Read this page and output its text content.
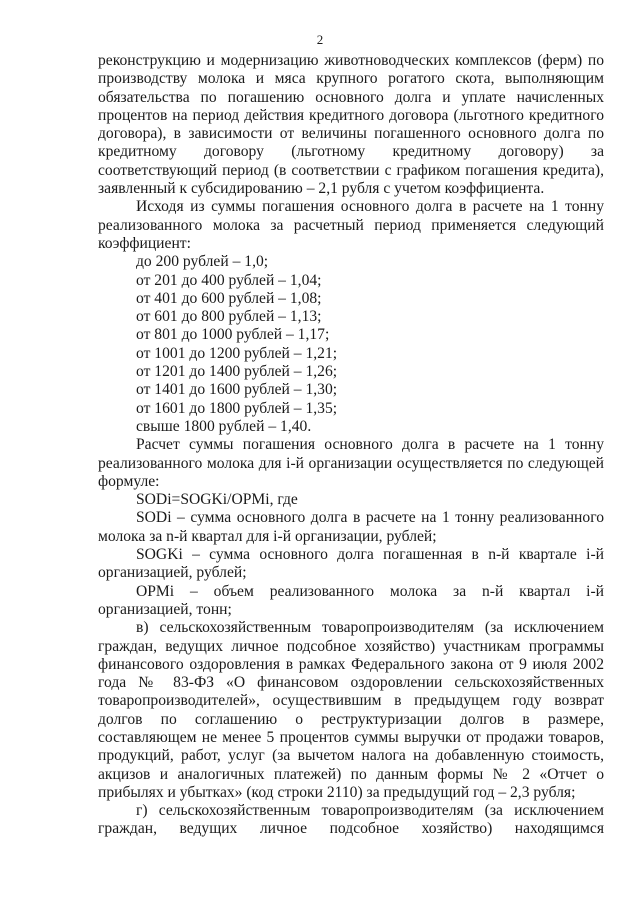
2

реконструкцию и модернизацию животноводческих комплексов (ферм) по производству молока и мяса крупного рогатого скота, выполняющим обязательства по погашению основного долга и уплате начисленных процентов на период действия кредитного договора (льготного кредитного договора), в зависимости от величины погашенного основного долга по кредитному договору (льготному кредитному договору) за соответствующий период (в соответствии с графиком погашения кредита), заявленный к субсидированию – 2,1 рубля с учетом коэффициента.

Исходя из суммы погашения основного долга в расчете на 1 тонну реализованного молока за расчетный период применяется следующий коэффициент:

до 200 рублей – 1,0;
от 201 до 400 рублей – 1,04;
от 401 до 600 рублей – 1,08;
от 601 до 800 рублей – 1,13;
от 801 до 1000 рублей – 1,17;
от 1001 до 1200 рублей – 1,21;
от 1201 до 1400 рублей – 1,26;
от 1401 до 1600 рублей – 1,30;
от 1601 до 1800 рублей – 1,35;
свыше 1800 рублей – 1,40.

Расчет суммы погашения основного долга в расчете на 1 тонну реализованного молока для i-й организации осуществляется по следующей формуле:

SODi=SOGKi/OPMi, где

SODi – сумма основного долга в расчете на 1 тонну реализованного молока за n-й квартал для i-й организации, рублей;

SOGKi – сумма основного долга погашенная в n-й квартале i-й организацией, рублей;

OPMi – объем реализованного молока за n-й квартал i-й организацией, тонн;

в) сельскохозяйственным товаропроизводителям (за исключением граждан, ведущих личное подсобное хозяйство) участникам программы финансового оздоровления в рамках Федерального закона от 9 июля 2002 года № 83-ФЗ «О финансовом оздоровлении сельскохозяйственных товаропроизводителей», осуществившим в предыдущем году возврат долгов по соглашению о реструктуризации долгов в размере, составляющем не менее 5 процентов суммы выручки от продажи товаров, продукций, работ, услуг (за вычетом налога на добавленную стоимость, акцизов и аналогичных платежей) по данным формы № 2 «Отчет о прибылях и убытках» (код строки 2110) за предыдущий год – 2,3 рубля;

г) сельскохозяйственным товаропроизводителям (за исключением граждан, ведущих личное подсобное хозяйство) находящимся
